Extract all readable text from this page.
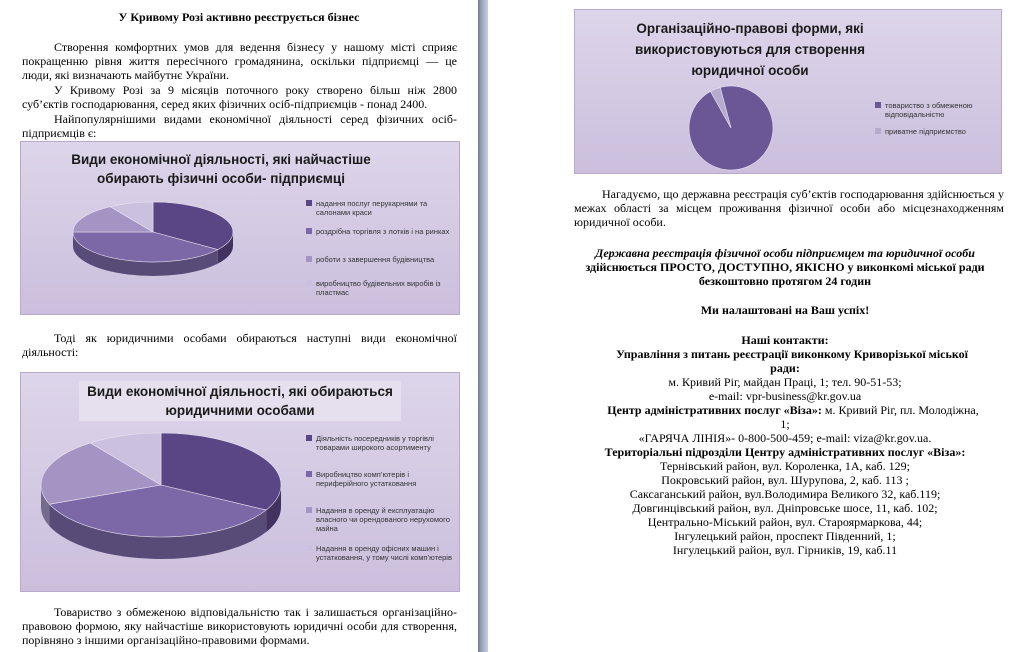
У Кривому Розі активно реєструється бізнес
Створення комфортних умов для ведення бізнесу у нашому місті сприяє покращенню рівня життя пересічного громадянина, оскільки підприємці — це люди, які визначають майбутнє України.
У Кривому Розі за 9 місяців поточного року створено більш ніж 2800 суб’єктів господарювання, серед яких фізичних осіб-підприємців - понад 2400.
Найпопулярнішими видами економічної діяльності серед фізичних осіб-підприємців є:
Види економічної діяльності, які найчастіше обирають фізичні особи- підприємці
надання послуг перукарнями та салонами краси
роздрібна торгівля з лотків і на ринках
роботи з завершення будівництва
виробництво будівельних виробів із пластмас
Тоді як юридичними особами обираються наступні види економічної діяльності:
Види економічної діяльності, які обираються юридичними особами
Діяльність посередників у торгівлі товарами широкого асортименту
Виробництво комп’ютерів і периферійного устатковання
Надання в оренду й експлуатацію власного чи орендованого нерухомого майна
Надання в оренду офісних машин і устатковання, у тому числі комп’ютерів
Товариство з обмеженою відповідальністю так і залишається організаційно-правовою формою, яку найчастіше використовують юридичні особи для створення, порівняно з іншими організаційно-правовими формами.
Організаційно-правові форми, які використовуються для створення юридичної особи
товариство з обмеженою відповідальністю
приватне підприємство
Нагадуємо, що державна реєстрація суб’єктів господарювання здійснюється у межах області за місцем проживання фізичної особи або місцезнаходженням юридичної особи.
Державна реєстрація фізичної особи підприємцем та юридичної особи
здійснюється ПРОСТО, ДОСТУПНО, ЯКІСНО у виконкомі міської ради
безкоштовно протягом 24 годин
Ми налаштовані на Ваш успіх!
Наші контакти:
Управління з питань реєстрації виконкому Криворізької міської
ради:
м. Кривий Ріг, майдан Праці, 1; тел. 90-51-53;
e-mail: vpr-business@kr.gov.ua
Центр адміністративних послуг «Віза»: м. Кривий Ріг, пл. Молодіжна,
1;
«ГАРЯЧА ЛІНІЯ»- 0-800-500-459; e-mail: viza@kr.gov.ua.
Територіальні підрозділи Центру адміністративних послуг «Віза»:
Тернівський район, вул. Короленка, 1А, каб. 129;
Покровський район, вул. Шурупова, 2, каб. 113 ;
Саксаганський район, вул.Володимира Великого 32, каб.119;
Довгинцівський район, вул. Дніпровське шосе, 11, каб. 102;
Центрально-Міський район, вул. Староярмаркова, 44;
Інгулецький район, проспект Південний, 1;
Інгулецький район, вул. Гірників, 19, каб.11
